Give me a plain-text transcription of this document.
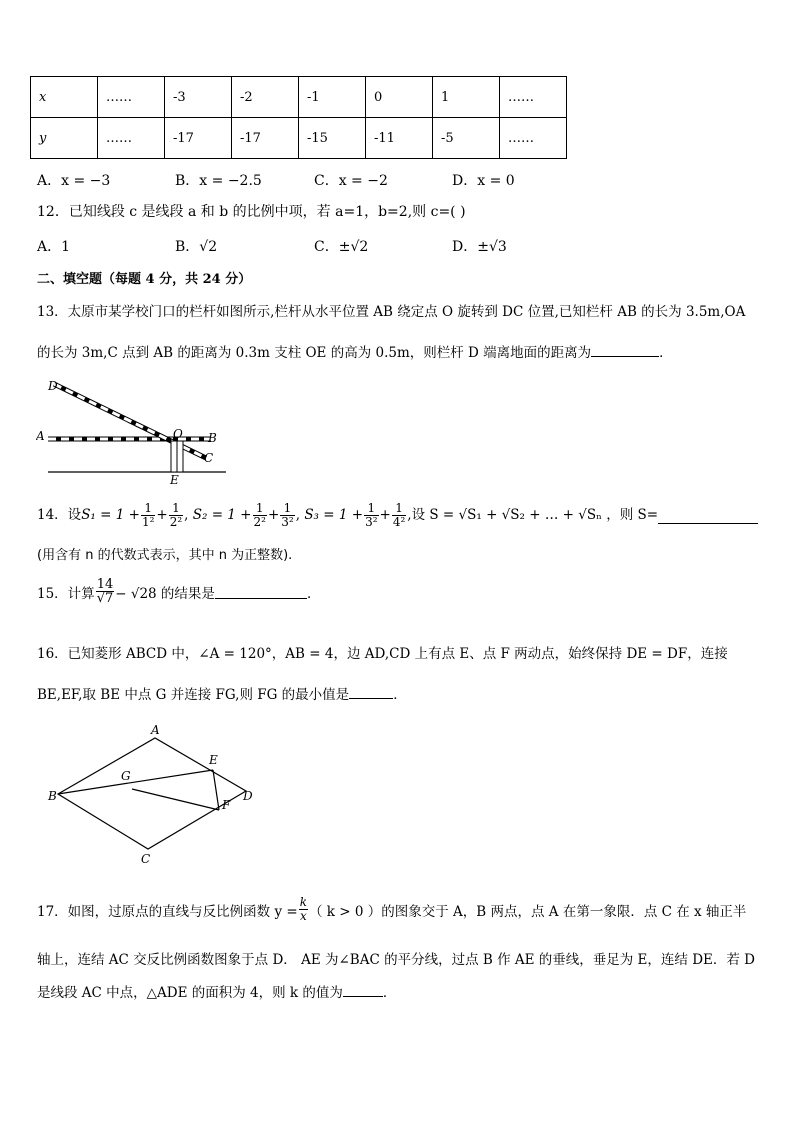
x	……	-3	-2	-1	0	1	……
y	……	-17	-17	-15	-11	-5	……
A．x = −3	B．x = −2.5	C．x = −2	D．x = 0
12．已知线段 c 是线段 a 和 b 的比例中项，若 a=1，b=2,则 c=( )
A．1	B．√2	C．±√2	D．±√3
二、填空题（每题 4 分，共 24 分）
13．太原市某学校门口的栏杆如图所示,栏杆从水平位置 AB 绕定点 O 旋转到 DC 位置,已知栏杆 AB 的长为 3.5m,OA
的长为 3m,C 点到 AB 的距离为 0.3m 支柱 OE 的高为 0.5m，则栏杆 D 端离地面的距离为	．
D
A	O B
C
E
14．设 $S_1 = 1 + \frac{1}{\text{1²}} + \frac{1}{\text{2²}}$ , $S_2 = 1 + \frac{1}{\text{2²}} + \frac{1}{\text{3²}}$ , $S_3 = 1 + \frac{1}{\text{3²}} + \frac{1}{\text{4²}}$ , 设 S = √S₁ + √S₂ + … + √Sₙ ，则 S=
(用含有 n 的代数式表示，其中 n 为正整数).
15．计算 $\frac{14}{√7} - √28$ 的结果是	．
16．已知菱形 ABCD 中，∠A = 120°，AB = 4，边 AD,CD 上有点 E、点 F 两动点，始终保持 DE = DF，连接
BE,EF,取 BE 中点 G 并连接 FG,则 FG 的最小值是	．
A
B
C
D
E
F
G
17．如图，过原点的直线与反比例函数 $y = \frac{k}{x}$ （ k > 0 ）的图象交于 A，B 两点，点 A 在第一象限．点 C 在 x 轴正半
轴上，连结 AC 交反比例函数图象于点 D． AE 为∠BAC 的平分线，过点 B 作 AE 的垂线，垂足为 E，连结 DE．若 D
是线段 AC 中点，△ADE 的面积为 4，则 k 的值为	．
